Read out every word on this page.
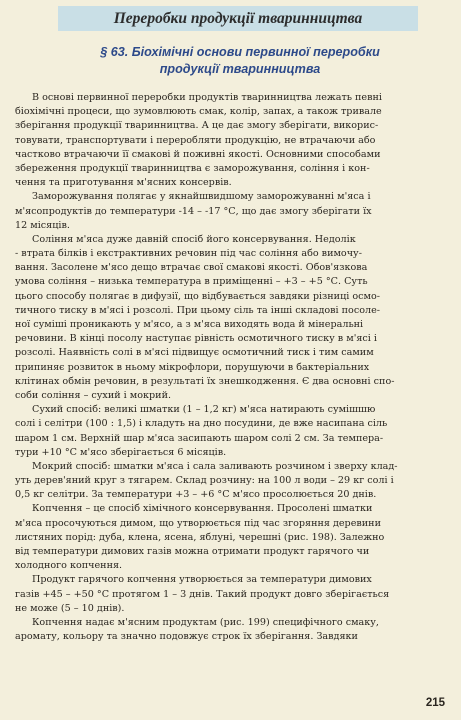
Переробки продукції тваринництва
§ 63. Біохімічні основи первинної переробки
продукції тваринництва
В основі первинної переробки продуктів тваринництва лежать певні
біохімічні процеси, що зумовлюють смак, колір, запах, а також тривале
зберігання продукції тваринництва. А це дає змогу зберігати, викорис-
товувати, транспортувати і переробляти продукцію, не втрачаючи або
частково втрачаючи її смакові й поживні якості. Основними способами
збереження продукції тваринництва є заморожування, соління і кон-
чення та приготування м'ясних консервів.
Заморожування полягає у якнайшвидшому заморожуванні м'яса і
м'ясопродуктів до температури -14 – -17 °С, що дає змогу зберігати їх
12 місяців.
Соління м'яса дуже давній спосіб його консервування. Недолік
- втрата білків і екстрактивних речовин під час соління або вимочу-
вання. Засолене м'ясо дещо втрачає свої смакові якості. Обов'язкова
умова соління – низька температура в приміщенні – +3 – +5 °С. Суть
цього способу полягає в дифузії, що відбувається завдяки різниці осмо-
тичного тиску в м'ясі і розсолі. При цьому сіль та інші складові посоле-
ної суміші проникають у м'ясо, а з м'яса виходять вода й мінеральні
речовини. В кінці посолу наступає рівність осмотичного тиску в м'ясі і
розсолі. Наявність солі в м'ясі підвищує осмотичний тиск і тим самим
припиняє розвиток в ньому мікрофлори, порушуючи в бактеріальних
клітинах обмін речовин, в результаті їх знешкодження. Є два основні спо-
соби соління – сухий і мокрий.
Сухий спосіб: великі шматки (1 – 1,2 кг) м'яса натирають сумішшю
солі і селітри (100 : 1,5) і кладуть на дно посудини, де вже насипана сіль
шаром 1 см. Верхній шар м'яса засипають шаром солі 2 см. За темпера-
тури +10 °С м'ясо зберігається 6 місяців.
Мокрий спосіб: шматки м'яса і сала заливають розчином і зверху клад-
уть дерев'яний круг з тягарем. Склад розчину: на 100 л води – 29 кг солі і
0,5 кг селітри. За температури +3 – +6 °С м'ясо просолюється 20 днів.
Копчення – це спосіб хімічного консервування. Просолені шматки
м'яса просочуються димом, що утворюється під час згоряння деревини
листяних порід: дуба, клена, ясена, яблуні, черешні (рис. 198). Залежно
від температури димових газів можна отримати продукт гарячого чи
холодного копчення.
Продукт гарячого копчення утворюється за температури димових
газів +45 – +50 °С протягом 1 – 3 днів. Такий продукт довго зберігається
не може (5 – 10 днів).
Копчення надає м'ясним продуктам (рис. 199) специфічного смаку,
аромату, кольору та значно подовжує строк їх зберігання. Завдяки
215
